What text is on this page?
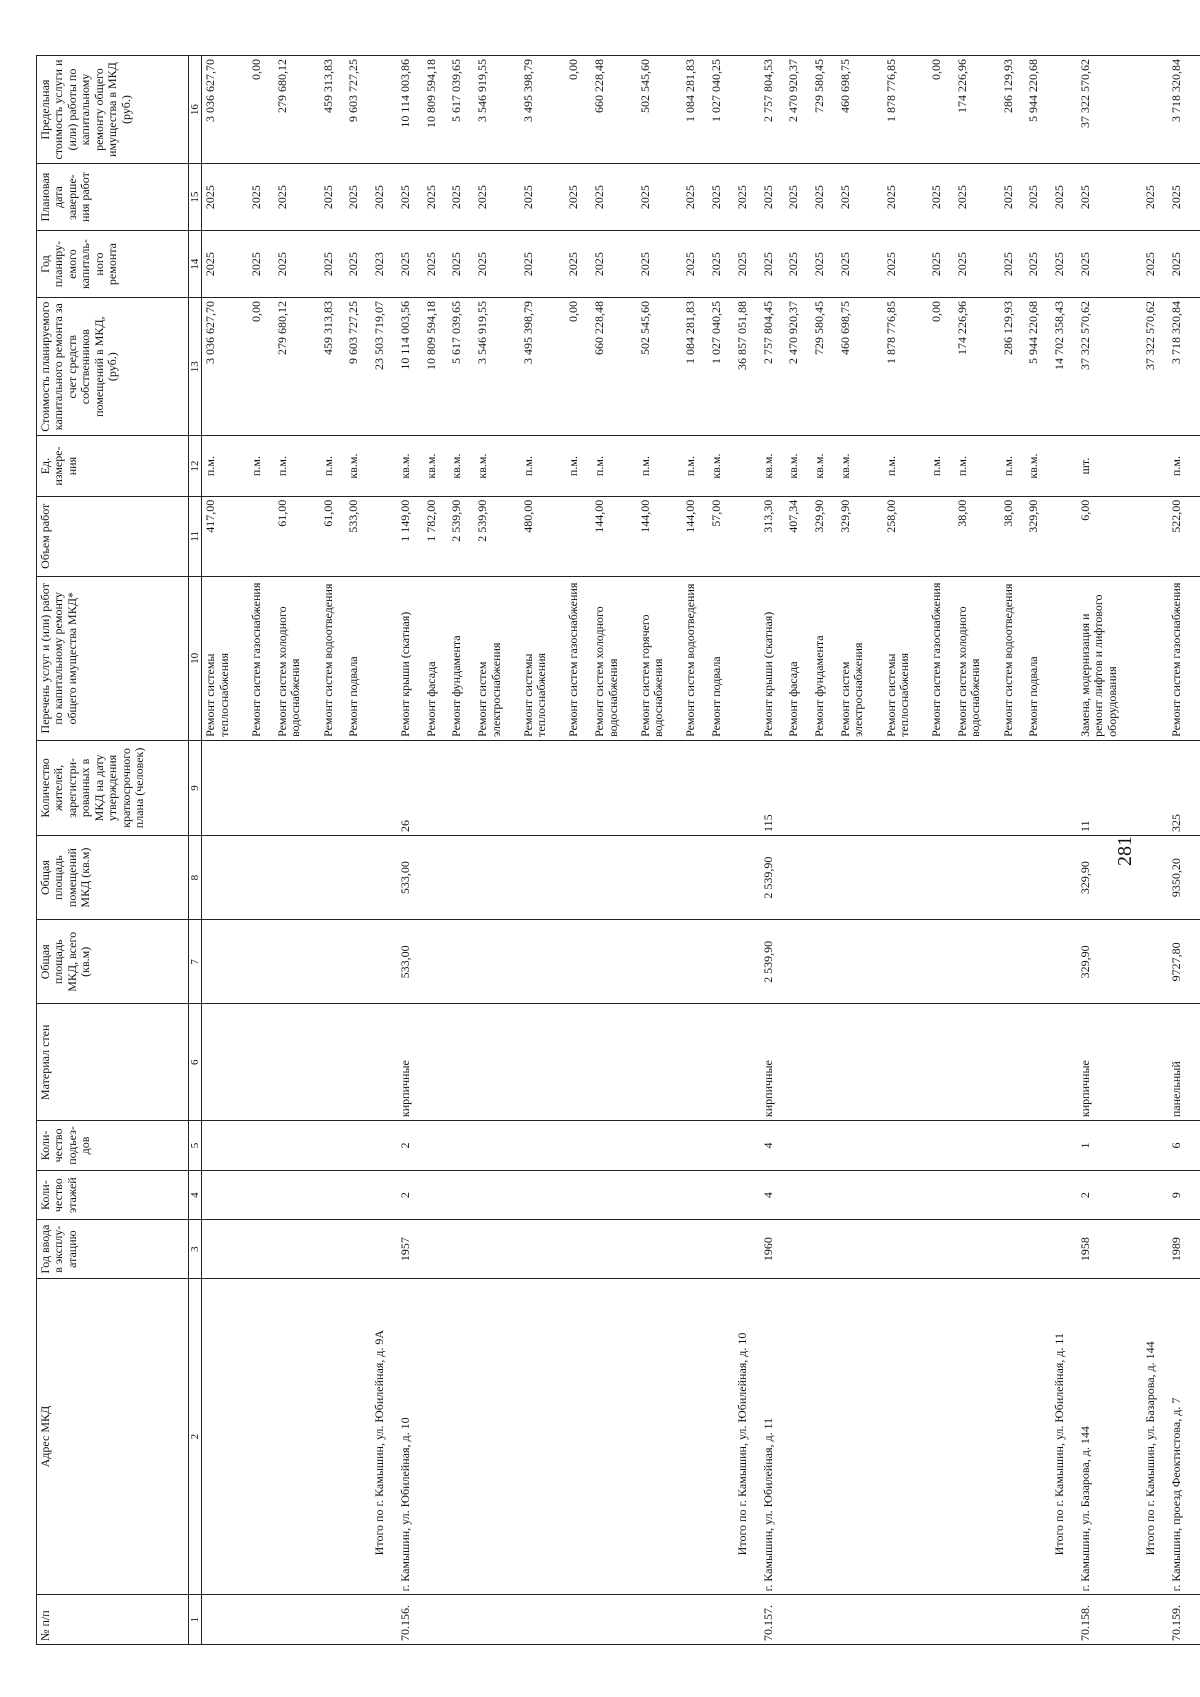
281
№ п/п	Адрес МКД	Год ввода в эксплу-атацию	Коли-чество этажей	Коли-чество подъез-дов	Материал стен	Общая площадь МКД, всего (кв.м)	Общая площадь помещений МКД (кв.м)	Количество жителей, зарегистри-рованных в МКД на дату утверждения краткосрочного плана (человек)	Перечень услуг и (или) работ по капитальному ремонту общего имущества МКД*	Объем работ	Ед. измере-ния	Стоимость планируемого капитального ремонта за счет средств собственников помещений в МКД, (руб.)	Год планиру-емого капиталь-ного ремонта	Плановая дата заверше-ния работ	Предельная стоимость услуги и (или) работы по капитальному ремонту общего имущества в МКД (руб.)
1	2	3	4	5	6	7	8	9	10	11	12	13	14	15	16

									Ремонт системы теплоснабжения	417,00	п.м.	3 036 627,70	2025	2025	3 036 627,70

									Ремонт систем газоснабжения		п.м.	0,00	2025	2025	0,00

									Ремонт систем холодного водоснабжения	61,00	п.м.	279 680,12	2025	2025	279 680,12

									Ремонт систем водоотведения	61,00	п.м.	459 313,83	2025	2025	459 313,83

									Ремонт подвала	533,00	кв.м.	9 603 727,25	2025	2025	9 603 727,25

	Итого по г. Камышин, ул. Юбилейная, д. 9А											23 503 719,07	2023	2025	

70.156.	г. Камышин, ул. Юбилейная, д. 10	1957	2	2	кирпичные	533,00	533,00	26	Ремонт крыши (скатная)	1 149,00	кв.м.	10 114 003,56	2025	2025	10 114 003,86

									Ремонт фасада	1 782,00	кв.м.	10 809 594,18	2025	2025	10 809 594,18

									Ремонт фундамента	2 539,90	кв.м.	5 617 039,65	2025	2025	5 617 039,65

									Ремонт систем электроснабжения	2 539,90	кв.м.	3 546 919,55	2025	2025	3 546 919,55

									Ремонт системы теплоснабжения	480,00	п.м.	3 495 398,79	2025	2025	3 495 398,79

									Ремонт систем газоснабжения		п.м.	0,00	2025	2025	0,00

									Ремонт систем холодного водоснабжения	144,00	п.м.	660 228,48	2025	2025	660 228,48

									Ремонт систем горячего водоснабжения	144,00	п.м.	502 545,60	2025	2025	502 545,60

									Ремонт систем водоотведения	144,00	п.м.	1 084 281,83	2025	2025	1 084 281,83

									Ремонт подвала	57,00	кв.м.	1 027 040,25	2025	2025	1 027 040,25

	Итого по г. Камышин, ул. Юбилейная, д. 10											36 857 051,88	2025	2025	

70.157.	г. Камышин, ул. Юбилейная, д. 11	1960	4	4	кирпичные	2 539,90	2 539,90	115	Ремонт крыши (скатная)	313,30	кв.м.	2 757 804,45	2025	2025	2 757 804,53

									Ремонт фасада	407,34	кв.м.	2 470 920,37	2025	2025	2 470 920,37

									Ремонт фундамента	329,90	кв.м.	729 580,45	2025	2025	729 580,45

									Ремонт систем электроснабжения	329,90	кв.м.	460 698,75	2025	2025	460 698,75

									Ремонт системы теплоснабжения	258,00	п.м.	1 878 776,85	2025	2025	1 878 776,85

									Ремонт систем газоснабжения		п.м.	0,00	2025	2025	0,00

									Ремонт систем холодного водоснабжения	38,00	п.м.	174 226,96	2025	2025	174 226,96

									Ремонт систем водоотведения	38,00	п.м.	286 129,93	2025	2025	286 129,93

									Ремонт подвала	329,90	кв.м.	5 944 220,68	2025	2025	5 944 220,68

	Итого по г. Камышин, ул. Юбилейная, д. 11											14 702 358,43	2025	2025	

70.158.	г. Камышин, ул. Базарова, д. 144	1958	2	1	кирпичные	329,90	329,90	11	Замена, модернизация и ремонт лифтов и лифтового оборудования	6,00	шт.	37 322 570,62	2025	2025	37 322 570,62

	Итого по г. Камышин, ул. Базарова, д. 144											37 322 570,62	2025	2025	

70.159.	г. Камышин, проезд Феоктистова, д. 7	1989	9	6	панельный	9727,80	9350,20	325	Ремонт систем газоснабжения	522,00	п.м.	3 718 320,84	2025	2025	3 718 320,84
